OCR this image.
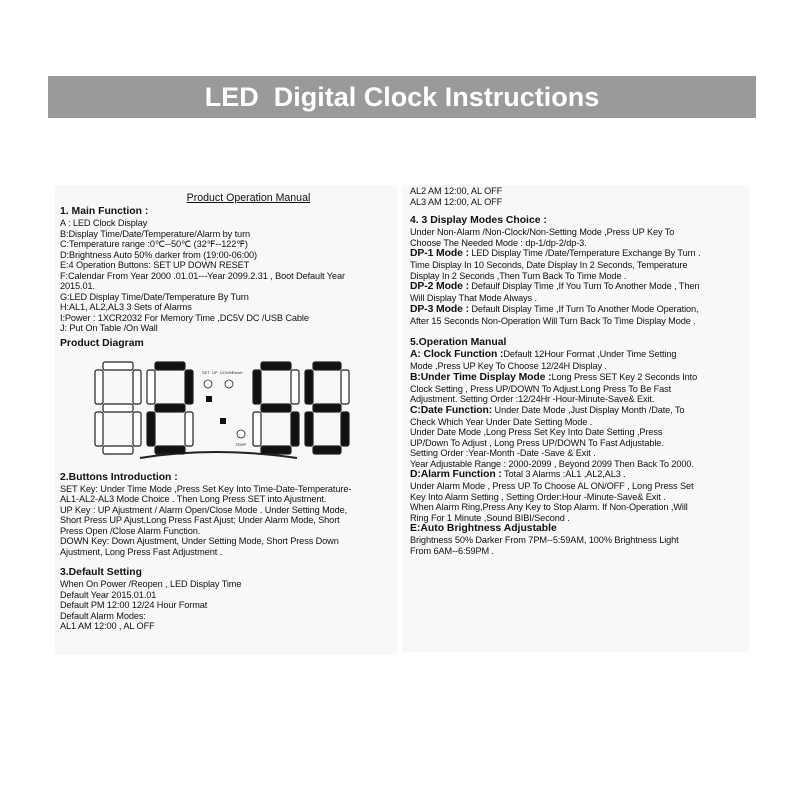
LED  Digital Clock Instructions
Product Operation Manual
1. Main Function :
A : LED Clock Display
B:Display Time/Date/Temperature/Alarm by turn
C:Temperature range :0℃--50℃ (32℉--122℉)
D:Brightness Auto 50% darker from (19:00-06:00)
E:4 Operation Buttons: SET UP DOWN RESET
F:Calendar From Year 2000 .01.01---Year 2099.2.31 , Boot Default Year
2015.01.
G:LED Display Time/Date/Temperature By Turn
H:AL1, AL2,AL3 3 Sets of Alarms
I:Power : 1XCR2032 For Memory Time ,DC5V DC /USB Cable
J: Put On Table /On Wall
Product Diagram
SET UP DOWN Reset
TEMP
2.Buttons Introduction :
SET Key: Under Time Mode ,Press Set Key Into Time-Date-Temperature-
AL1-AL2-AL3 Mode Choice . Then Long Press SET into Ajustment.
UP Key : UP Ajustment / Alarm Open/Close Mode . Under Setting Mode,
Short Press UP Ajust,Long Press Fast Ajust; Under Alarm Mode, Short
Press Open /Close Alarm Function.
DOWN Key: Down Ajustment, Under Setting Mode, Short Press Down
Ajustment, Long Press Fast Adjustment .
3.Default Setting
When On Power /Reopen , LED Display Time
Default Year 2015.01.01
Default PM 12:00 12/24 Hour Format
Default Alarm Modes:
AL1 AM 12:00 , AL OFF
AL2 AM 12:00, AL OFF
AL3 AM 12:00, AL OFF
4. 3 Display Modes Choice :
Under Non-Alarm /Non-Clock/Non-Setting Mode ,Press UP Key To
Choose The Needed Mode : dp-1/dp-2/dp-3.
DP-1 Mode : LED Display Time /Date/Temperature Exchange By Turn .
Time Display In 10 Seconds, Date Display In 2 Seconds, Temperature
Display In 2 Seconds ,Then Turn Back To Time Mode .
DP-2 Mode : Defaulf Display Time ,If You Turn To Another Mode , Then
Will Display That Mode Always .
DP-3 Mode : Default Display Time ,If Turn To Another Mode Operation,
After 15 Seconds Non-Operation Will Turn Back To Time Display Mode .
5.Operation Manual
A: Clock Function :Default 12Hour Format ,Under Time Setting
Mode ,Press UP Key To Choose 12/24H Display .
B:Under Time Display Mode :Long Press SET Key 2 Seconds Into
Clock Setting , Press UP/DOWN To Adjust.Long Press To Be Fast
Adjustment. Setting Order :12/24Hr -Hour-Minute-Save& Exit.
C:Date Function: Under Date Mode ,Just Display Month /Date, To
Check Which Year Under Date Setting Mode .
Under Date Mode ,Long Press Set Key Into Date Setting ,Press
UP/Down To Adjust , Long Press UP/DOWN To Fast Adjustable.
Setting Order :Year-Month -Date -Save & Exit .
Year Adjustable Range : 2000-2099 , Beyond 2099 Then Back To 2000.
D:Alarm Function : Total 3 Alarms :AL1 ,AL2,AL3 .
Under Alarm Mode , Press UP To Choose AL ON/OFF , Long Press Set
Key Into Alarm Setting , Setting Order:Hour -Minute-Save& Exit .
When Alarm Ring,Press Any Key to Stop Alarm. If Non-Operation ,Will
Ring For 1 Minute ,Sound BIBI/Second .
E:Auto Brightness Adjustable
Brightness 50% Darker From 7PM--5:59AM, 100% Brightness Light
From 6AM--6:59PM .
